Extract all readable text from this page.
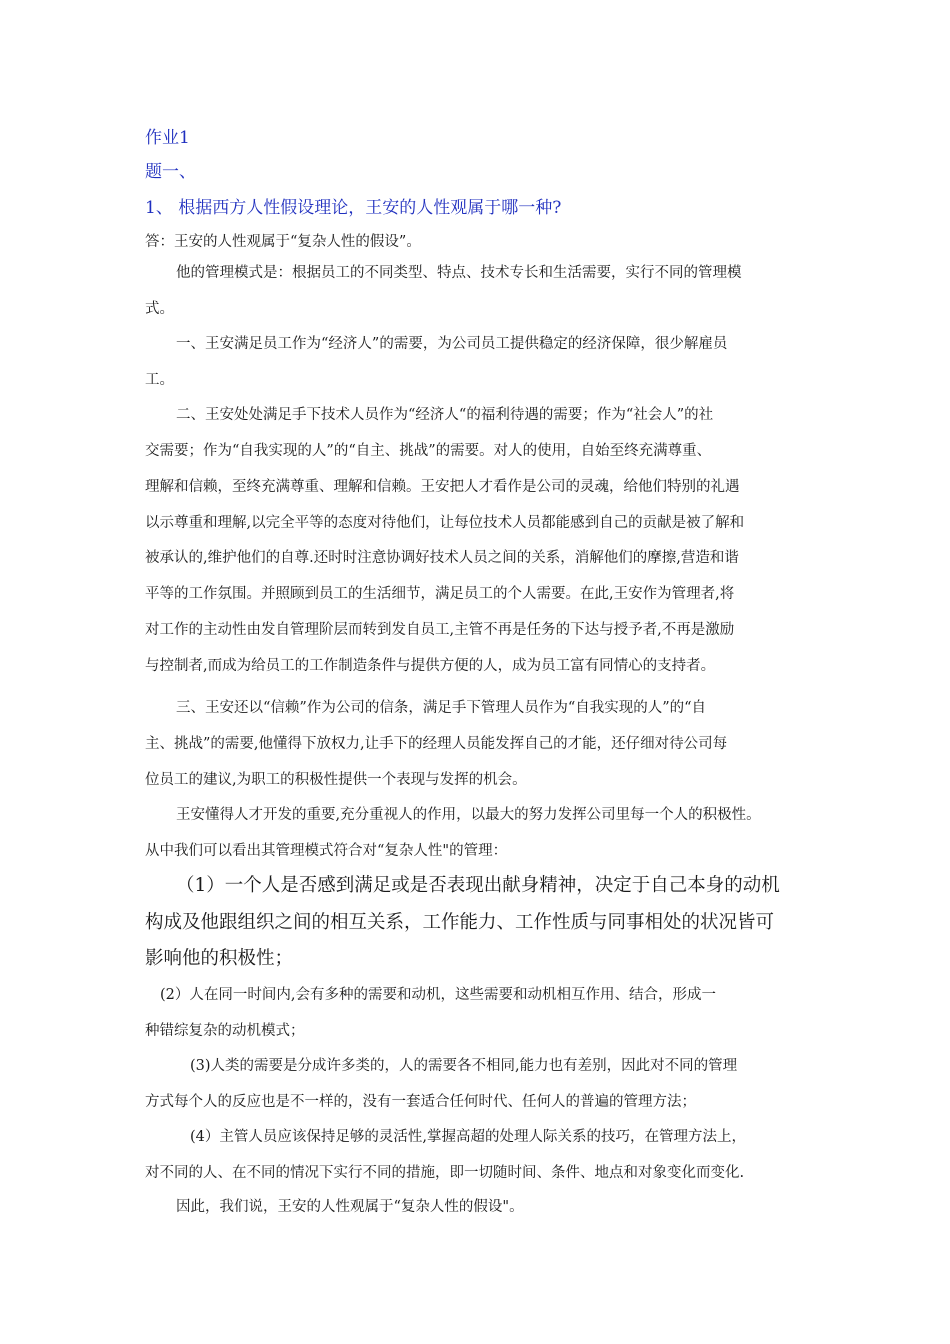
作业1
题一、
1、 根据西方人性假设理论，王安的人性观属于哪一种?
答：王安的人性观属于“复杂人性的假设”。
他的管理模式是：根据员工的不同类型、特点、技术专长和生活需要，实行不同的管理模
式。
一、王安满足员工作为“经济人”的需要，为公司员工提供稳定的经济保障，很少解雇员
工。
二、王安处处满足手下技术人员作为“经济人“的福利待遇的需要；作为“社会人”的社
交需要；作为“自我实现的人”的“自主、挑战”的需要。对人的使用，自始至终充满尊重、
理解和信赖，至终充满尊重、理解和信赖。王安把人才看作是公司的灵魂，给他们特别的礼遇
以示尊重和理解,以完全平等的态度对待他们，让每位技术人员都能感到自己的贡献是被了解和
被承认的,维护他们的自尊.还时时注意协调好技术人员之间的关系，消解他们的摩擦,营造和谐
平等的工作氛围。并照顾到员工的生活细节，满足员工的个人需要。在此,王安作为管理者,将
对工作的主动性由发自管理阶层而转到发自员工,主管不再是任务的下达与授予者,不再是激励
与控制者,而成为给员工的工作制造条件与提供方便的人，成为员工富有同情心的支持者。
三、王安还以“信赖”作为公司的信条，满足手下管理人员作为“自我实现的人”的“自
主、挑战”的需要,他懂得下放权力,让手下的经理人员能发挥自己的才能，还仔细对待公司每
位员工的建议,为职工的积极性提供一个表现与发挥的机会。
王安懂得人才开发的重要,充分重视人的作用，以最大的努力发挥公司里每一个人的积极性。
从中我们可以看出其管理模式符合对“复杂人性"的管理：
（1）一个人是否感到满足或是否表现出献身精神，决定于自己本身的动机
构成及他跟组织之间的相互关系，工作能力、工作性质与同事相处的状况皆可
影响他的积极性；
(2）人在同一时间内,会有多种的需要和动机，这些需要和动机相互作用、结合，形成一
种错综复杂的动机模式；
(3)人类的需要是分成许多类的，人的需要各不相同,能力也有差别，因此对不同的管理
方式每个人的反应也是不一样的，没有一套适合任何时代、任何人的普遍的管理方法；
(4）主管人员应该保持足够的灵活性,掌握高超的处理人际关系的技巧，在管理方法上，
对不同的人、在不同的情况下实行不同的措施，即一切随时间、条件、地点和对象变化而变化.
因此，我们说，王安的人性观属于“复杂人性的假设"。
